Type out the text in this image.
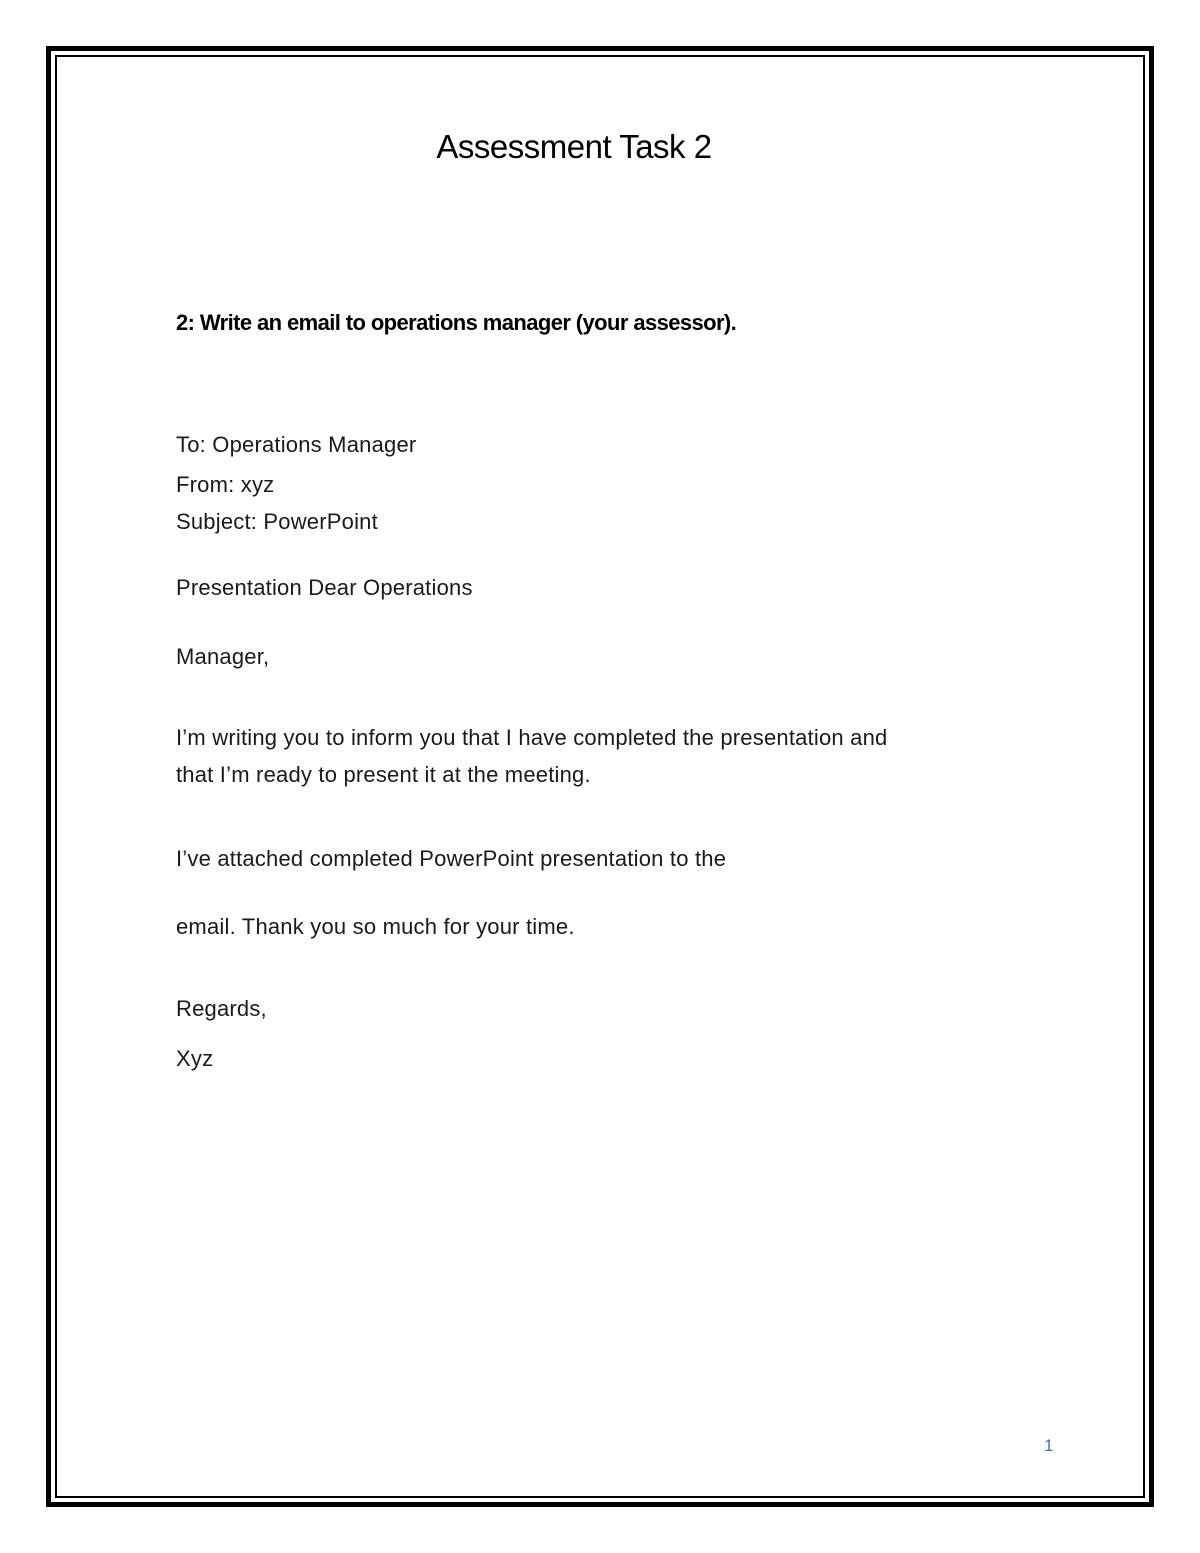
Assessment Task 2

2: Write an email to operations manager (your assessor).

To: Operations Manager

From: xyz

Subject: PowerPoint

Presentation Dear Operations

Manager,

I’m writing you to inform you that I have completed the presentation and

that I’m ready to present it at the meeting.

I’ve attached completed PowerPoint presentation to the

email. Thank you so much for your time.

Regards,

Xyz

1
